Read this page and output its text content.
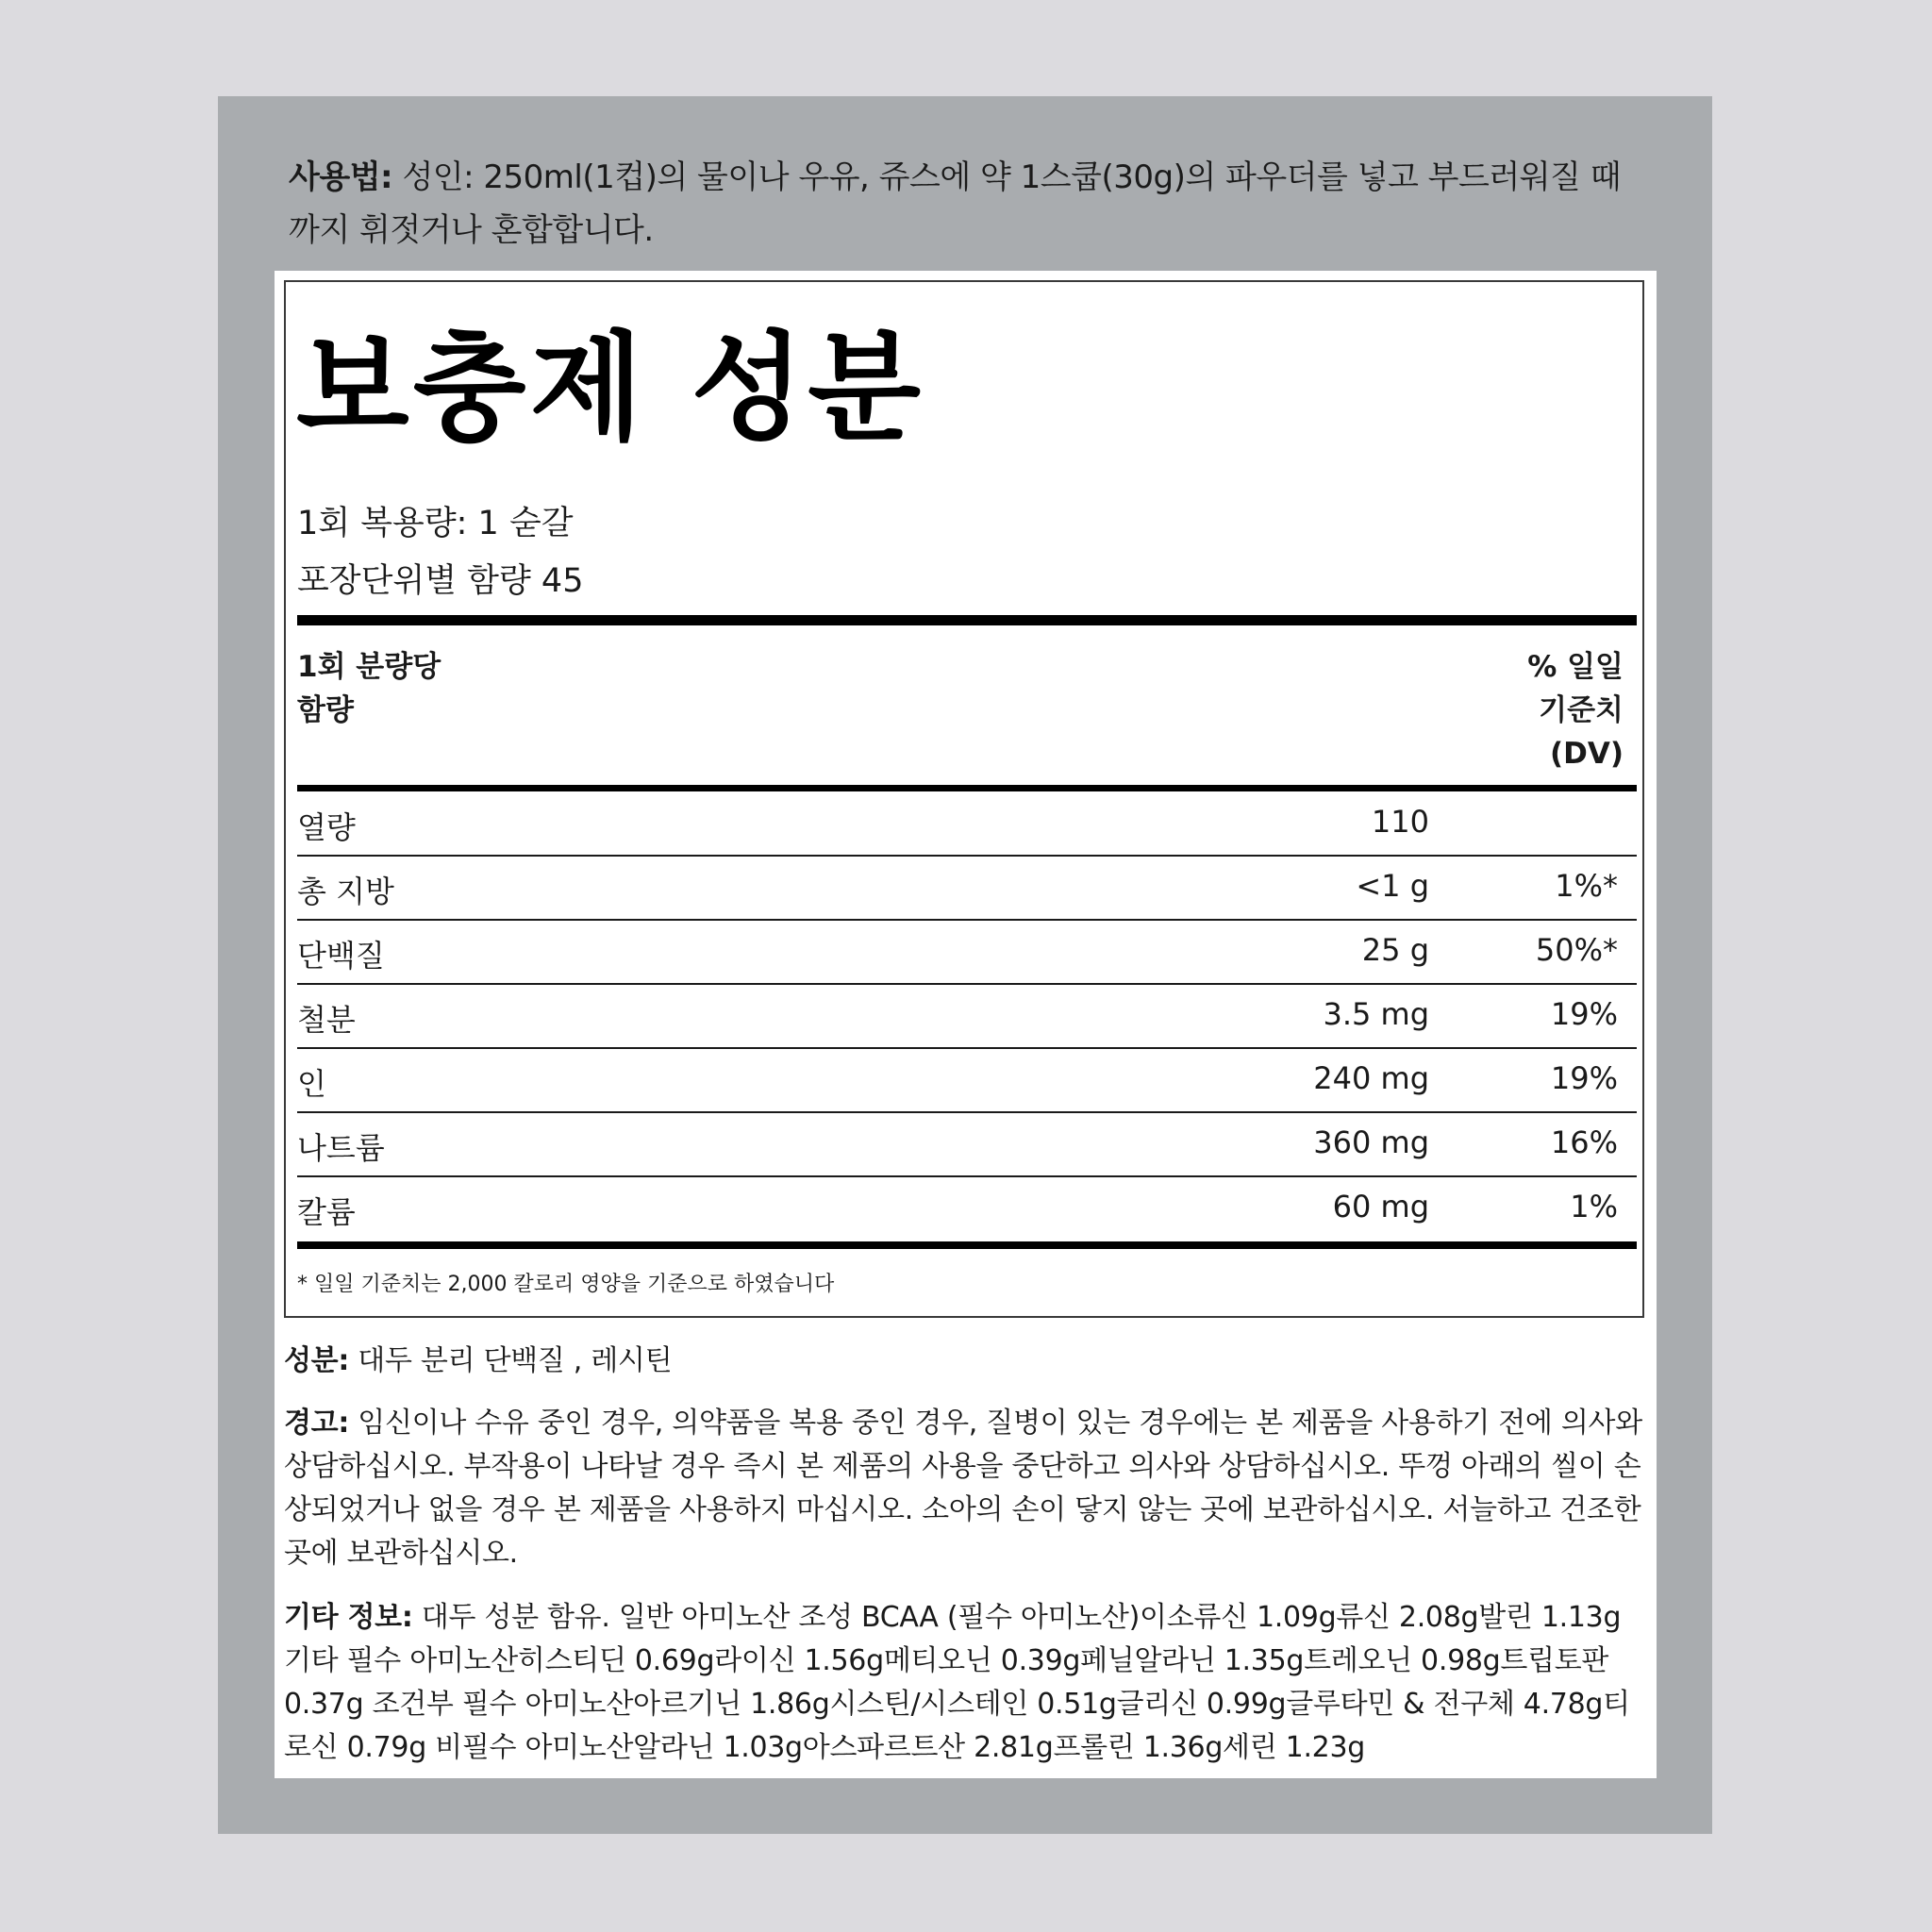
사용법: 성인: 250ml(1컵)의 물이나 우유, 쥬스에 약 1스쿱(30g)의 파우더를 넣고 부드러워질 때까지 휘젓거나 혼합합니다.
보충제 성분
1회 복용량: 1 숟갈
포장단위별 함량 45
1회 분량당
함량
% 일일
기준치
(DV)
열량	110
총 지방	<1 g	1%*
단백질	25 g	50%*
철분	3.5 mg	19%
인	240 mg	19%
나트륨	360 mg	16%
칼륨	60 mg	1%
* 일일 기준치는 2,000 칼로리 영양을 기준으로 하였습니다
성분: 대두 분리 단백질 , 레시틴
경고: 임신이나 수유 중인 경우, 의약품을 복용 중인 경우, 질병이 있는 경우에는 본 제품을 사용하기 전에 의사와 상담하십시오. 부작용이 나타날 경우 즉시 본 제품의 사용을 중단하고 의사와 상담하십시오. 뚜껑 아래의 씰이 손상되었거나 없을 경우 본 제품을 사용하지 마십시오. 소아의 손이 닿지 않는 곳에 보관하십시오. 서늘하고 건조한 곳에 보관하십시오.
기타 정보: 대두 성분 함유. 일반 아미노산 조성 BCAA (필수 아미노산)이소류신 1.09g류신 2.08g발린 1.13g 기타 필수 아미노산히스티딘 0.69g라이신 1.56g메티오닌 0.39g페닐알라닌 1.35g트레오닌 0.98g트립토판 0.37g 조건부 필수 아미노산아르기닌 1.86g시스틴/시스테인 0.51g글리신 0.99g글루타민 & 전구체 4.78g티로신 0.79g 비필수 아미노산알라닌 1.03g아스파르트산 2.81g프롤린 1.36g세린 1.23g
